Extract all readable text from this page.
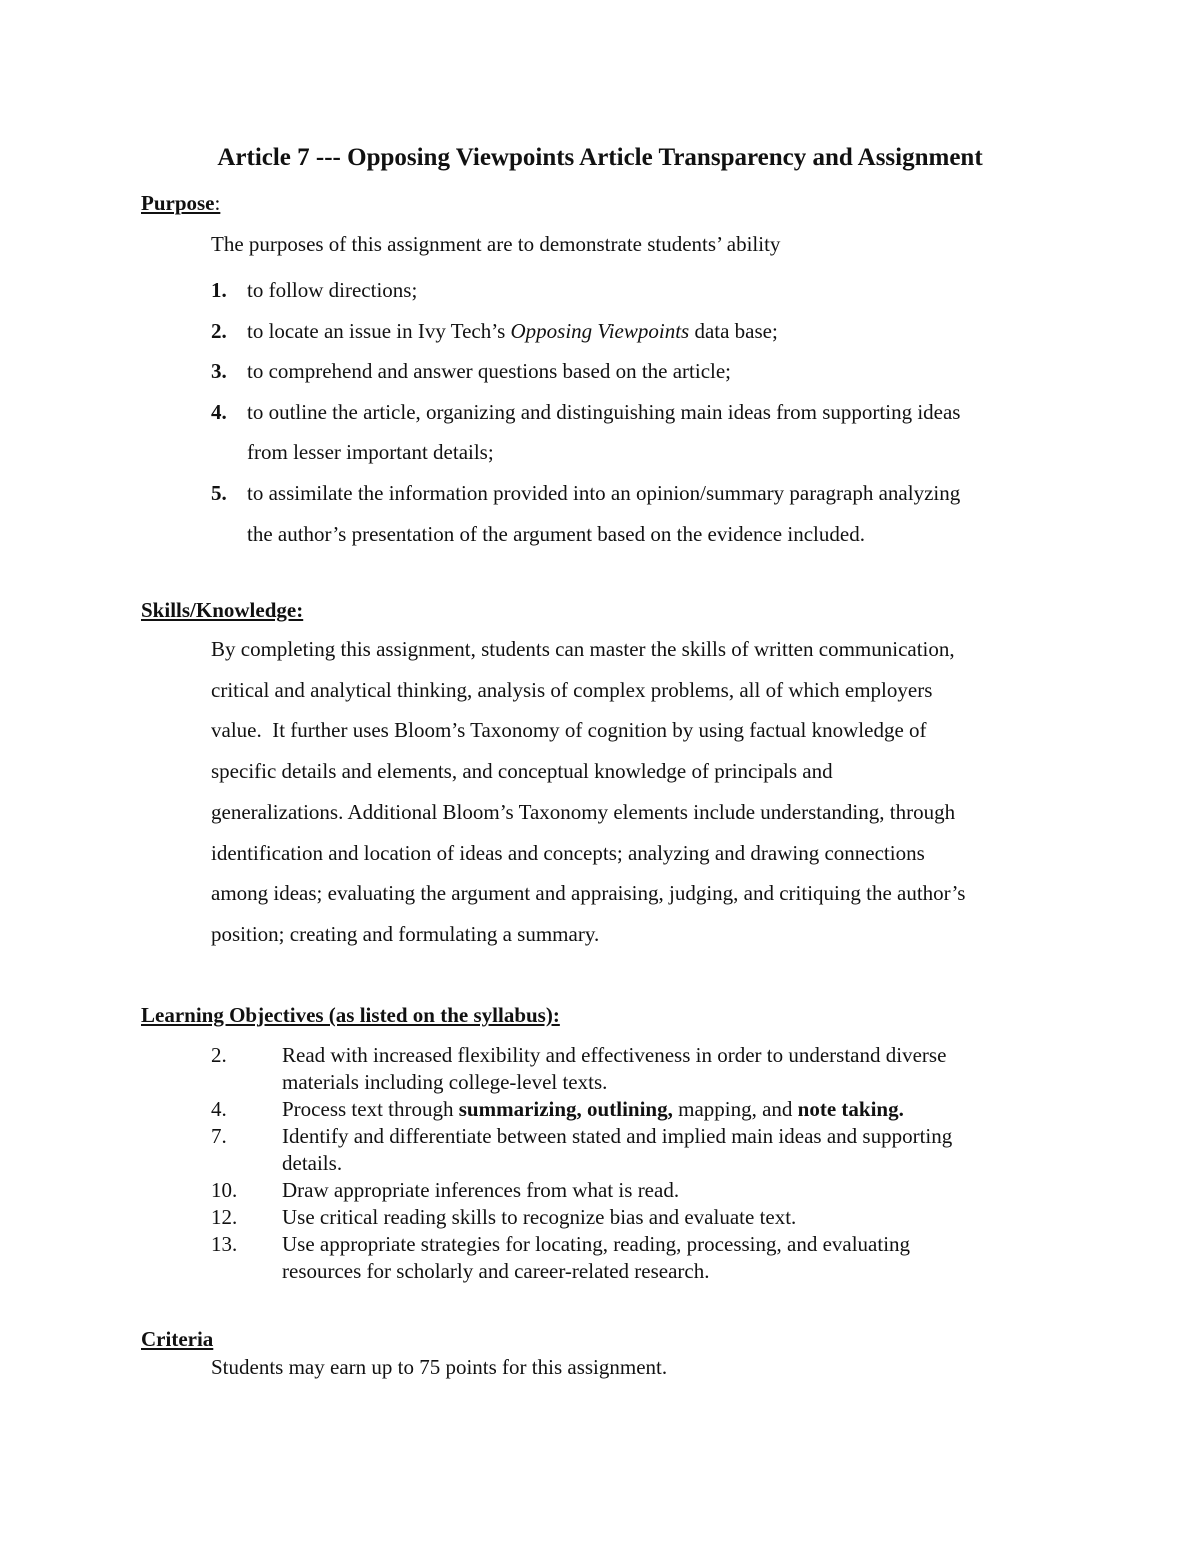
Article 7 --- Opposing Viewpoints Article Transparency and Assignment
Purpose:
The purposes of this assignment are to demonstrate students’ ability
1. to follow directions;
2. to locate an issue in Ivy Tech’s Opposing Viewpoints data base;
3. to comprehend and answer questions based on the article;
4. to outline the article, organizing and distinguishing main ideas from supporting ideas
from lesser important details;
5. to assimilate the information provided into an opinion/summary paragraph analyzing
the author’s presentation of the argument based on the evidence included.
Skills/Knowledge:

By completing this assignment, students can master the skills of written communication,
critical and analytical thinking, analysis of complex problems, all of which employers
value.  It further uses Bloom’s Taxonomy of cognition by using factual knowledge of
specific details and elements, and conceptual knowledge of principals and
generalizations. Additional Bloom’s Taxonomy elements include understanding, through
identification and location of ideas and concepts; analyzing and drawing connections
among ideas; evaluating the argument and appraising, judging, and critiquing the author’s
position; creating and formulating a summary.

Learning Objectives (as listed on the syllabus):
2.	Read with increased flexibility and effectiveness in order to understand diverse
materials including college-level texts.
4.	Process text through summarizing, outlining, mapping, and note taking.
7.	Identify and differentiate between stated and implied main ideas and supporting
details.
10. Draw appropriate inferences from what is read.
12. Use critical reading skills to recognize bias and evaluate text.
13. Use appropriate strategies for locating, reading, processing, and evaluating
resources for scholarly and career-related research.
Criteria
Students may earn up to 75 points for this assignment.
